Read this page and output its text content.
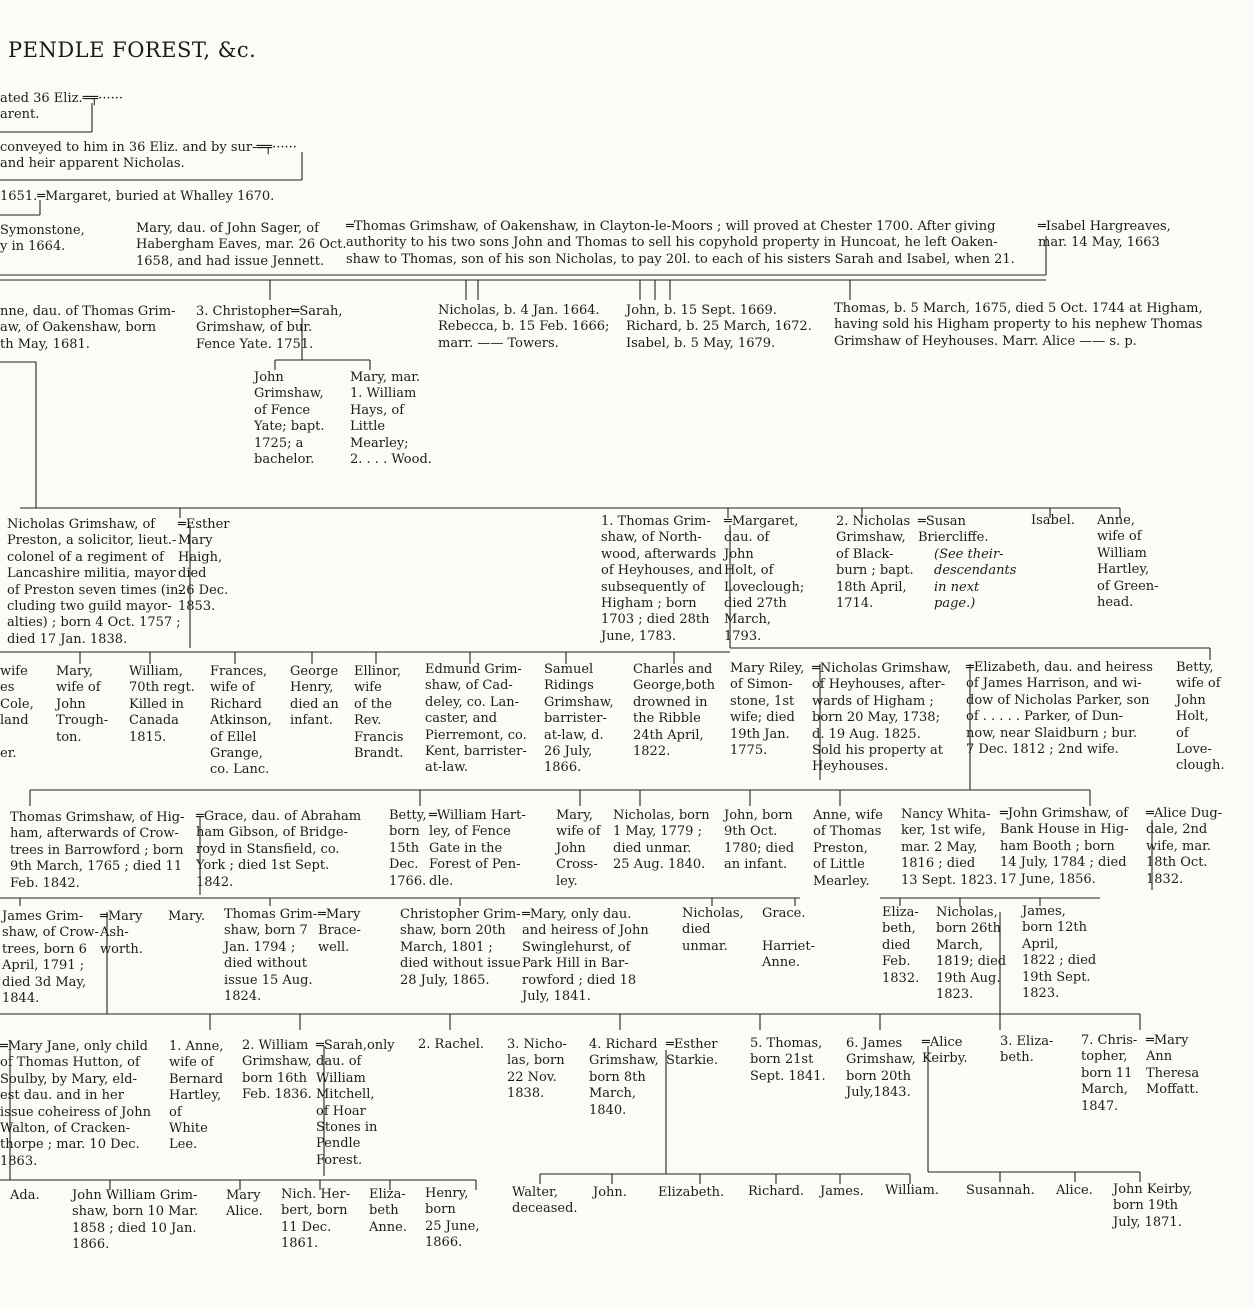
PENDLE FOREST, &c.
ated 36 Eliz.═╤······
arent.
conveyed to him in 36 Eliz. and by sur-═╤······
and heir apparent Nicholas.
1651.═Margaret, buried at Whalley 1670.
Symonstone,
y in 1664.
Mary, dau. of John Sager, of
Habergham Eaves, mar. 26 Oct.
1658, and had issue Jennett.
═Thomas Grimshaw, of Oakenshaw, in Clayton-le-Moors ; will proved at Chester 1700. After giving
authority to his two sons John and Thomas to sell his copyhold property in Huncoat, he left Oaken-
shaw to Thomas, son of his son Nicholas, to pay 20l. to each of his sisters Sarah and Isabel, when 21.
═Isabel Hargreaves,
mar. 14 May, 1663
nne, dau. of Thomas Grim-
aw, of Oakenshaw, born
th May, 1681.
3. Christopher═Sarah,
Grimshaw, of bur.
Fence Yate. 1751.
Nicholas, b. 4 Jan. 1664.
Rebecca, b. 15 Feb. 1666;
marr. —— Towers.
John, b. 15 Sept. 1669.
Richard, b. 25 March, 1672.
Isabel, b. 5 May, 1679.
Thomas, b. 5 March, 1675, died 5 Oct. 1744 at Higham,
having sold his Higham property to his nephew Thomas
Grimshaw of Heyhouses. Marr. Alice —— s. p.
John
Grimshaw,
of Fence
Yate; bapt.
1725; a
bachelor.
Mary, mar.
1. William
Hays, of
Little
Mearley;
2. . . . Wood.
Nicholas Grimshaw, of
Preston, a solicitor, lieut.-
colonel of a regiment of
Lancashire militia, mayor
of Preston seven times (in-
cluding two guild mayor-
alties) ; born 4 Oct. 1757 ;
died 17 Jan. 1838.
═Esther
Mary
Haigh,
died
26 Dec.
1853.
1. Thomas Grim-
shaw, of North-
wood, afterwards
of Heyhouses, and
subsequently of
Higham ; born
1703 ; died 28th
June, 1783.
═Margaret,
dau. of
John
Holt, of
Loveclough;
died 27th
March,
1793.
2. Nicholas
Grimshaw,
of Black-
burn ; bapt.
18th April,
1714.
═Susan
Briercliffe.
(See their-
descendants
in next
page.)
Isabel. Anne,
wife of
William
Hartley,
of Green-
head.
wife
es
Cole,
land

er.
Mary,
wife of
John
Trough-
ton.
William,
70th regt.
Killed in
Canada
1815.
Frances,
wife of
Richard
Atkinson,
of Ellel
Grange,
co. Lanc.
George
Henry,
died an
infant.
Ellinor,
wife
of the
Rev.
Francis
Brandt.
Edmund Grim-
shaw, of Cad-
deley, co. Lan-
caster, and
Pierremont, co.
Kent, barrister-
at-law.
Samuel
Ridings
Grimshaw,
barrister-
at-law, d.
26 July,
1866.
Charles and
George,both
drowned in
the Ribble
24th April,
1822.
Mary Riley,
of Simon-
stone, 1st
wife; died
19th Jan.
1775.
═Nicholas Grimshaw,
of Heyhouses, after-
wards of Higham ;
born 20 May, 1738;
d. 19 Aug. 1825.
Sold his property at
Heyhouses.
═Elizabeth, dau. and heiress
of James Harrison, and wi-
dow of Nicholas Parker, son
of . . . . . Parker, of Dun-
now, near Slaidburn ; bur.
7 Dec. 1812 ; 2nd wife.
Betty,
wife of
John
Holt,
of
Love-
clough.
Thomas Grimshaw, of Hig-
ham, afterwards of Crow-
trees in Barrowford ; born
9th March, 1765 ; died 11
Feb. 1842.
═Grace, dau. of Abraham
ham Gibson, of Bridge-
royd in Stansfield, co.
York ; died 1st Sept.
1842.
Betty,
born
15th
Dec.
1766.
═William Hart-
ley, of Fence
Gate in the
Forest of Pen-
dle.
Mary,
wife of
John
Cross-
ley.
Nicholas, born
1 May, 1779 ;
died unmar.
25 Aug. 1840.
John, born
9th Oct.
1780; died
an infant.
Anne, wife
of Thomas
Preston,
of Little
Mearley.
Nancy Whita-
ker, 1st wife,
mar. 2 May,
1816 ; died
13 Sept. 1823.
═John Grimshaw, of
Bank House in Hig-
ham Booth ; born
14 July, 1784 ; died
17 June, 1856.
═Alice Dug-
dale, 2nd
wife, mar.
18th Oct.
1832.
James Grim-
shaw, of Crow-
trees, born 6
April, 1791 ;
died 3d May,
1844.
═Mary
Ash-
worth.
Mary. Thomas Grim-
shaw, born 7
Jan. 1794 ;
died without
issue 15 Aug.
1824.
═Mary
Brace-
well.
Christopher Grim-
shaw, born 20th
March, 1801 ;
died without issue
28 July, 1865.
═Mary, only dau.
and heiress of John
Swinglehurst, of
Park Hill in Bar-
rowford ; died 18
July, 1841.
Nicholas,
died
unmar.
Grace.

Harriet-
Anne.
Eliza-
beth,
died
Feb.
1832.
Nicholas,
born 26th
March,
1819; died
19th Aug.
1823.
James,
born 12th
April,
1822 ; died
19th Sept.
1823.
═Mary Jane, only child
of Thomas Hutton, of
Soulby, by Mary, eld-
est dau. and in her
issue coheiress of John
Walton, of Cracken-
thorpe ; mar. 10 Dec.
1863.
1. Anne,
wife of
Bernard
Hartley,
of
White
Lee.
2. William
Grimshaw,
born 16th
Feb. 1836.
═Sarah,only
dau. of
William
Mitchell,
of Hoar
Stones in
Pendle
Forest.
2. Rachel. 3. Nicho-
las, born
22 Nov.
1838.
4. Richard
Grimshaw,
born 8th
March,
1840.
═Esther
Starkie.
5. Thomas,
born 21st
Sept. 1841.
6. James
Grimshaw,
born 20th
July,1843.
═Alice
Keirby.
3. Eliza-
beth.
7. Chris-
topher,
born 11
March,
1847.
═Mary
Ann
Theresa
Moffatt.
Ada. John William Grim-
shaw, born 10 Mar.
1858 ; died 10 Jan.
1866.
Mary
Alice.
Nich. Her-
bert, born
11 Dec.
1861.
Eliza-
beth
Anne.
Henry,
born
25 June,
1866.
Walter,
deceased.
John. Elizabeth. Richard. James. William. Susannah. Alice. John Keirby,
born 19th
July, 1871.
